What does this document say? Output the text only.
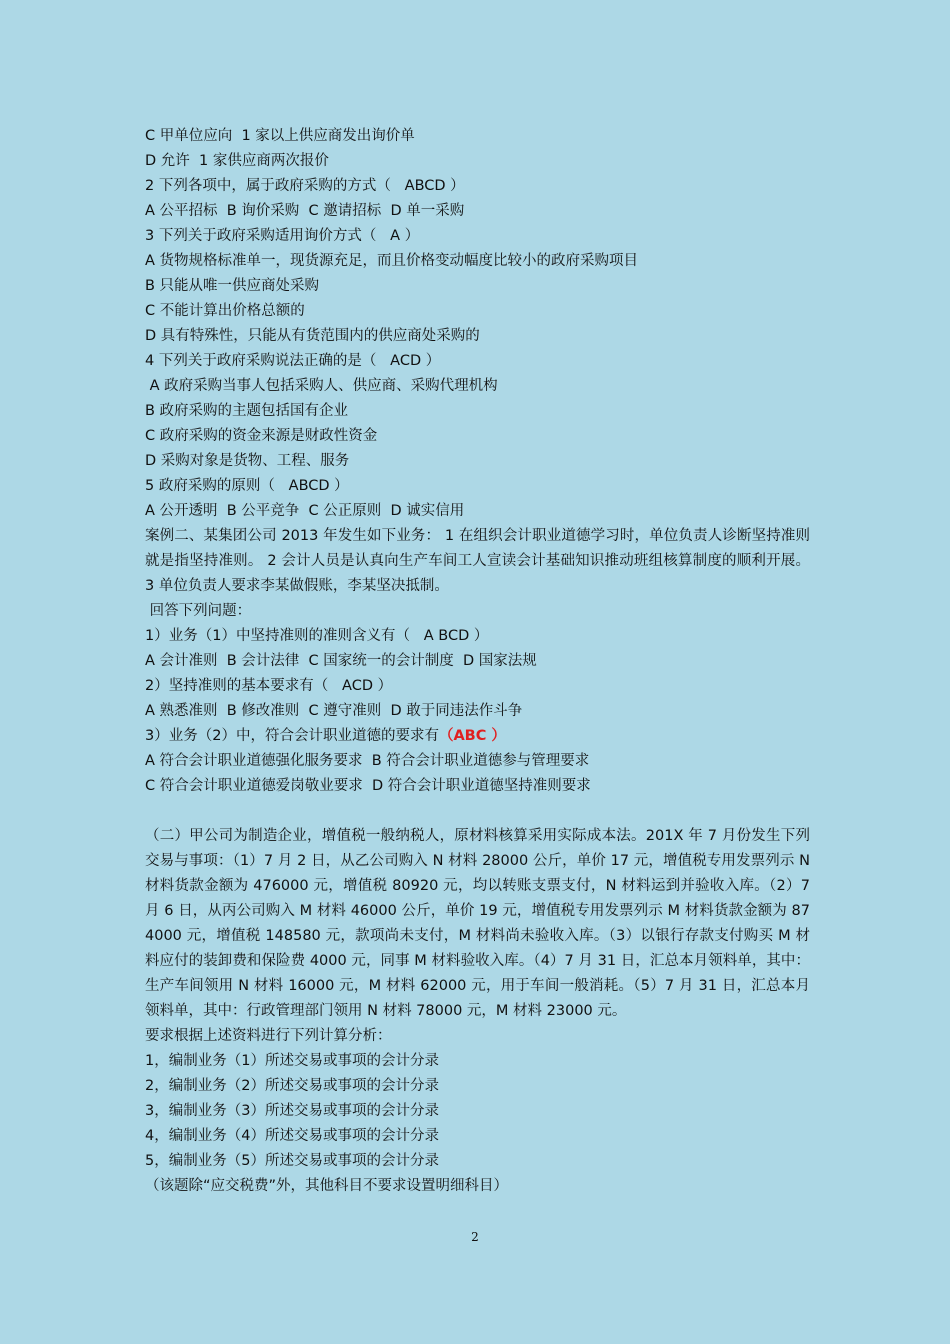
C 甲单位应向  1 家以上供应商发出询价单
D 允许  1 家供应商两次报价
2 下列各项中，属于政府采购的方式（   ABCD ）
A 公平招标  B 询价采购  C 邀请招标  D 单一采购
3 下列关于政府采购适用询价方式（   A ）
A 货物规格标准单一，现货源充足，而且价格变动幅度比较小的政府采购项目
B 只能从唯一供应商处采购
C 不能计算出价格总额的
D 具有特殊性，只能从有货范围内的供应商处采购的
4 下列关于政府采购说法正确的是（   ACD ）
A 政府采购当事人包括采购人、供应商、采购代理机构
B 政府采购的主题包括国有企业
C 政府采购的资金来源是财政性资金
D 采购对象是货物、工程、服务
5 政府采购的原则（   ABCD ）
A 公开透明  B 公平竞争  C 公正原则  D 诚实信用
案例二、某集团公司 2013 年发生如下业务： 1 在组织会计职业道德学习时，单位负责人诊断坚持准则就是指坚持准则。 2 会计人员是认真向生产车间工人宣读会计基础知识推动班组核算制度的顺利开展。 3 单位负责人要求李某做假账，李某坚决抵制。
回答下列问题：
1）业务（1）中坚持准则的准则含义有（   A BCD ）
A 会计准则  B 会计法律  C 国家统一的会计制度  D 国家法规
2）坚持准则的基本要求有（   ACD ）
A 熟悉准则  B 修改准则  C 遵守准则  D 敢于同违法作斗争
3）业务（2）中，符合会计职业道德的要求有（ABC ）
A 符合会计职业道德强化服务要求  B 符合会计职业道德参与管理要求
C 符合会计职业道德爱岗敬业要求  D 符合会计职业道德坚持准则要求
（二）甲公司为制造企业，增值税一般纳税人，原材料核算采用实际成本法。201X 年 7 月份发生下列交易与事项：（1）7 月 2 日，从乙公司购入 N 材料 28000 公斤，单价 17 元，增值税专用发票列示 N 材料货款金额为 476000 元，增值税 80920 元，均以转账支票支付，N 材料运到并验收入库。（2）7 月 6 日，从丙公司购入 M 材料 46000 公斤，单价 19 元，增值税专用发票列示 M 材料货款金额为 874000 元，增值税 148580 元，款项尚未支付，M 材料尚未验收入库。（3）以银行存款支付购买 M 材料应付的装卸费和保险费 4000 元，同事 M 材料验收入库。（4）7 月 31 日，汇总本月领料单，其中：生产车间领用 N 材料 16000 元，M 材料 62000 元，用于车间一般消耗。（5）7 月 31 日，汇总本月领料单，其中：行政管理部门领用 N 材料 78000 元，M 材料 23000 元。
要求根据上述资料进行下列计算分析：
1，编制业务（1）所述交易或事项的会计分录
2，编制业务（2）所述交易或事项的会计分录
3，编制业务（3）所述交易或事项的会计分录
4，编制业务（4）所述交易或事项的会计分录
5，编制业务（5）所述交易或事项的会计分录
（该题除“应交税费”外，其他科目不要求设置明细科目）
2
